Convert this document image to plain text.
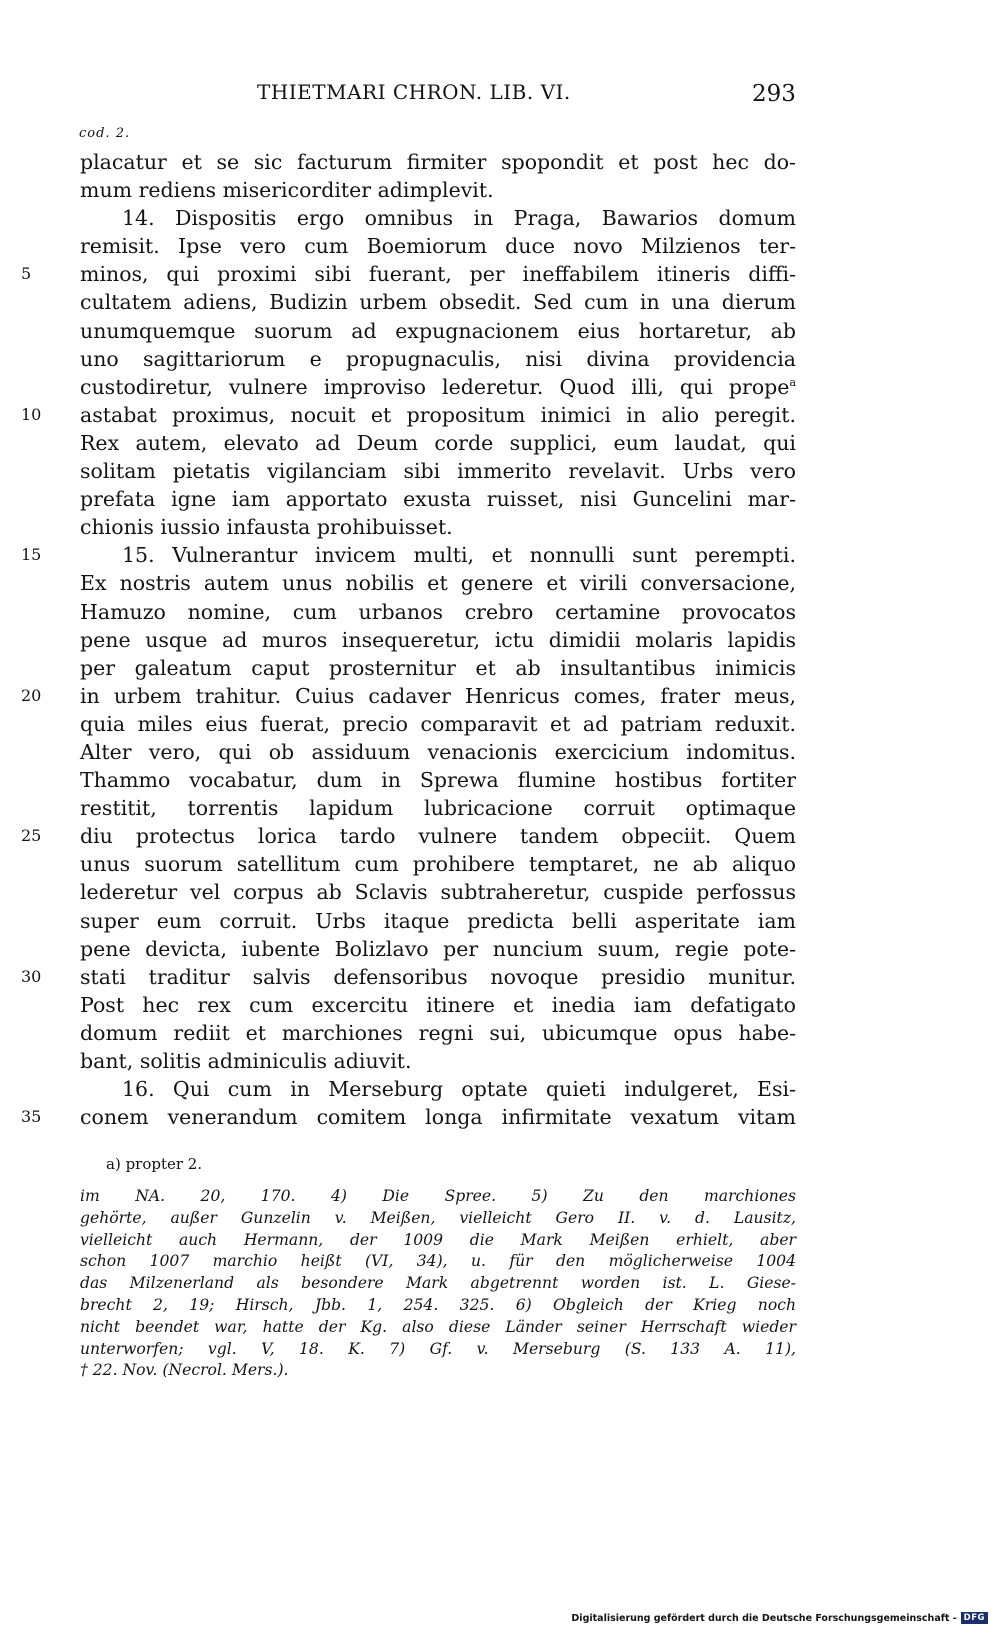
THIETMARI CHRON. LIB. VI.	293
cod. 2.
placatur et se sic facturum firmiter spopondit et post hec do-
mum rediens misericorditer adimplevit.
14. Dispositis ergo omnibus in Praga, Bawarios domum
remisit. Ipse vero cum Boemiorum duce novo Milzienos ter-
5 minos, qui proximi sibi fuerant, per ineffabilem itineris diffi-
cultatem adiens, Budizin urbem obsedit. Sed cum in una dierum
unumquemque suorum ad expugnacionem eius hortaretur, ab
uno sagittariorum e propugnaculis, nisi divina providencia
custodiretur, vulnere improviso lederetur. Quod illi, qui prope$^a$
10 astabat proximus, nocuit et propositum inimici in alio peregit.
Rex autem, elevato ad Deum corde supplici, eum laudat, qui
solitam pietatis vigilanciam sibi immerito revelavit. Urbs vero
prefata igne iam apportato exusta ruisset, nisi Guncelini mar-
chionis iussio infausta prohibuisset.
15	15. Vulnerantur invicem multi, et nonnulli sunt perempti.
Ex nostris autem unus nobilis et genere et virili conversacione,
Hamuzo nomine, cum urbanos crebro certamine provocatos
pene usque ad muros insequeretur, ictu dimidii molaris lapidis
per galeatum caput prosternitur et ab insultantibus inimicis
20 in urbem trahitur. Cuius cadaver Henricus comes, frater meus,
quia miles eius fuerat, precio comparavit et ad patriam reduxit.
Alter vero, qui ob assiduum venacionis exercicium indomitus.
Thammo vocabatur, dum in Sprewa flumine hostibus fortiter
restitit, torrentis lapidum lubricacione corruit optimaque
25 diu protectus lorica tardo vulnere tandem obpeciit. Quem
unus suorum satellitum cum prohibere temptaret, ne ab aliquo
lederetur vel corpus ab Sclavis subtraheretur, cuspide perfossus
super eum corruit. Urbs itaque predicta belli asperitate iam
pene devicta, iubente Bolizlavo per nuncium suum, regie pote-
30 stati traditur salvis defensoribus novoque presidio munitur.
Post hec rex cum excercitu itinere et inedia iam defatigato
domum rediit et marchiones regni sui, ubicumque opus habe-
bant, solitis adminiculis adiuvit.
16. Qui cum in Merseburg optate quieti indulgeret, Esi-
35 conem venerandum comitem longa infirmitate vexatum vitam
a) propter 2.
im NA. 20, 170. 4) Die Spree. 5) Zu den marchiones
gehörte, außer Gunzelin v. Meißen, vielleicht Gero II. v. d. Lausitz,
vielleicht auch Hermann, der 1009 die Mark Meißen erhielt, aber
schon 1007 marchio heißt (VI, 34), u. für den möglicherweise 1004
das Milzenerland als besondere Mark abgetrennt worden ist. L. Giese-
brecht 2, 19; Hirsch, Jbb. 1, 254. 325. 6) Obgleich der Krieg noch
nicht beendet war, hatte der Kg. also diese Länder seiner Herrschaft wieder
unterworfen; vgl. V, 18. K. 7) Gf. v. Merseburg (S. 133 A. 11),
† 22. Nov. (Necrol. Mers.).
Digitalisierung gefördert durch die Deutsche Forschungsgemeinschaft - DFG
